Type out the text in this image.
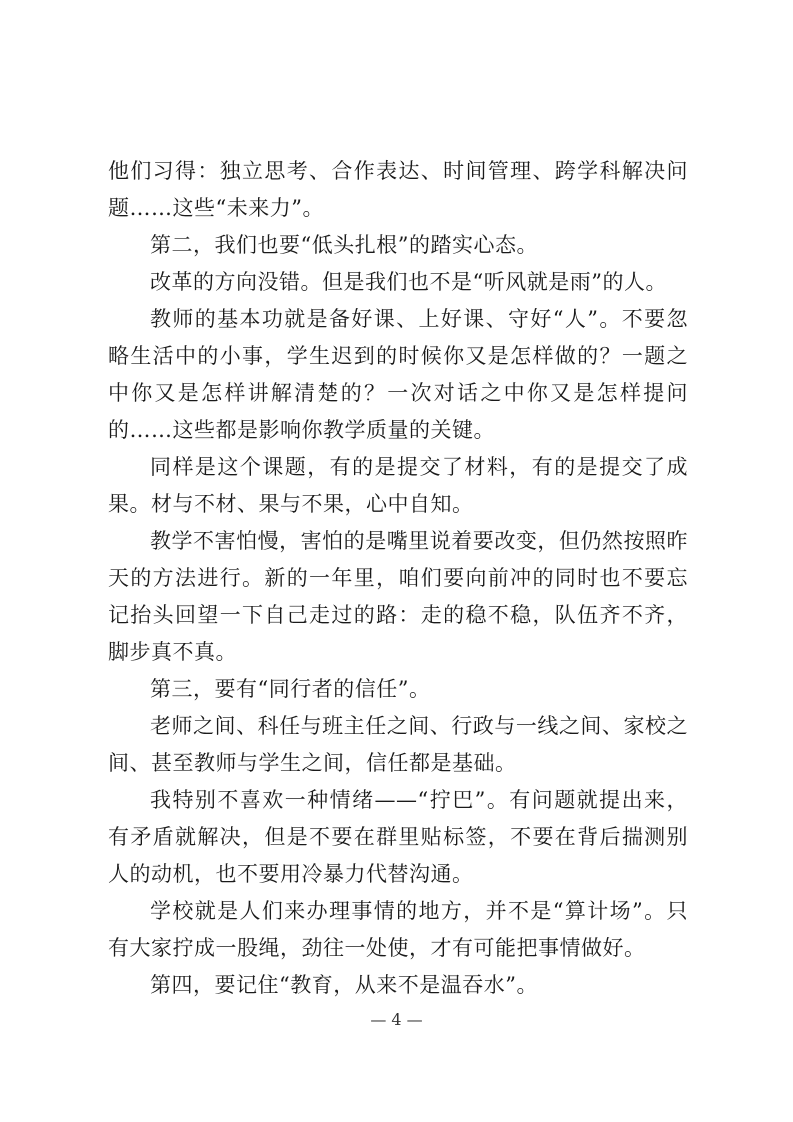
他们习得：独立思考、合作表达、时间管理、跨学科解决问题……这些“未来力”。

第二，我们也要“低头扎根”的踏实心态。

改革的方向没错。但是我们也不是“听风就是雨”的人。

教师的基本功就是备好课、上好课、守好“人”。不要忽略生活中的小事，学生迟到的时候你又是怎样做的？一题之中你又是怎样讲解清楚的？一次对话之中你又是怎样提问的……这些都是影响你教学质量的关键。

同样是这个课题，有的是提交了材料，有的是提交了成果。材与不材、果与不果，心中自知。

教学不害怕慢，害怕的是嘴里说着要改变，但仍然按照昨天的方法进行。新的一年里，咱们要向前冲的同时也不要忘记抬头回望一下自己走过的路：走的稳不稳，队伍齐不齐，脚步真不真。

第三，要有“同行者的信任”。

老师之间、科任与班主任之间、行政与一线之间、家校之间、甚至教师与学生之间，信任都是基础。

我特别不喜欢一种情绪——“拧巴”。有问题就提出来，有矛盾就解决，但是不要在群里贴标签，不要在背后揣测别人的动机，也不要用冷暴力代替沟通。

学校就是人们来办理事情的地方，并不是“算计场”。只有大家拧成一股绳，劲往一处使，才有可能把事情做好。

第四，要记住“教育，从来不是温吞水”。

— 4 —
